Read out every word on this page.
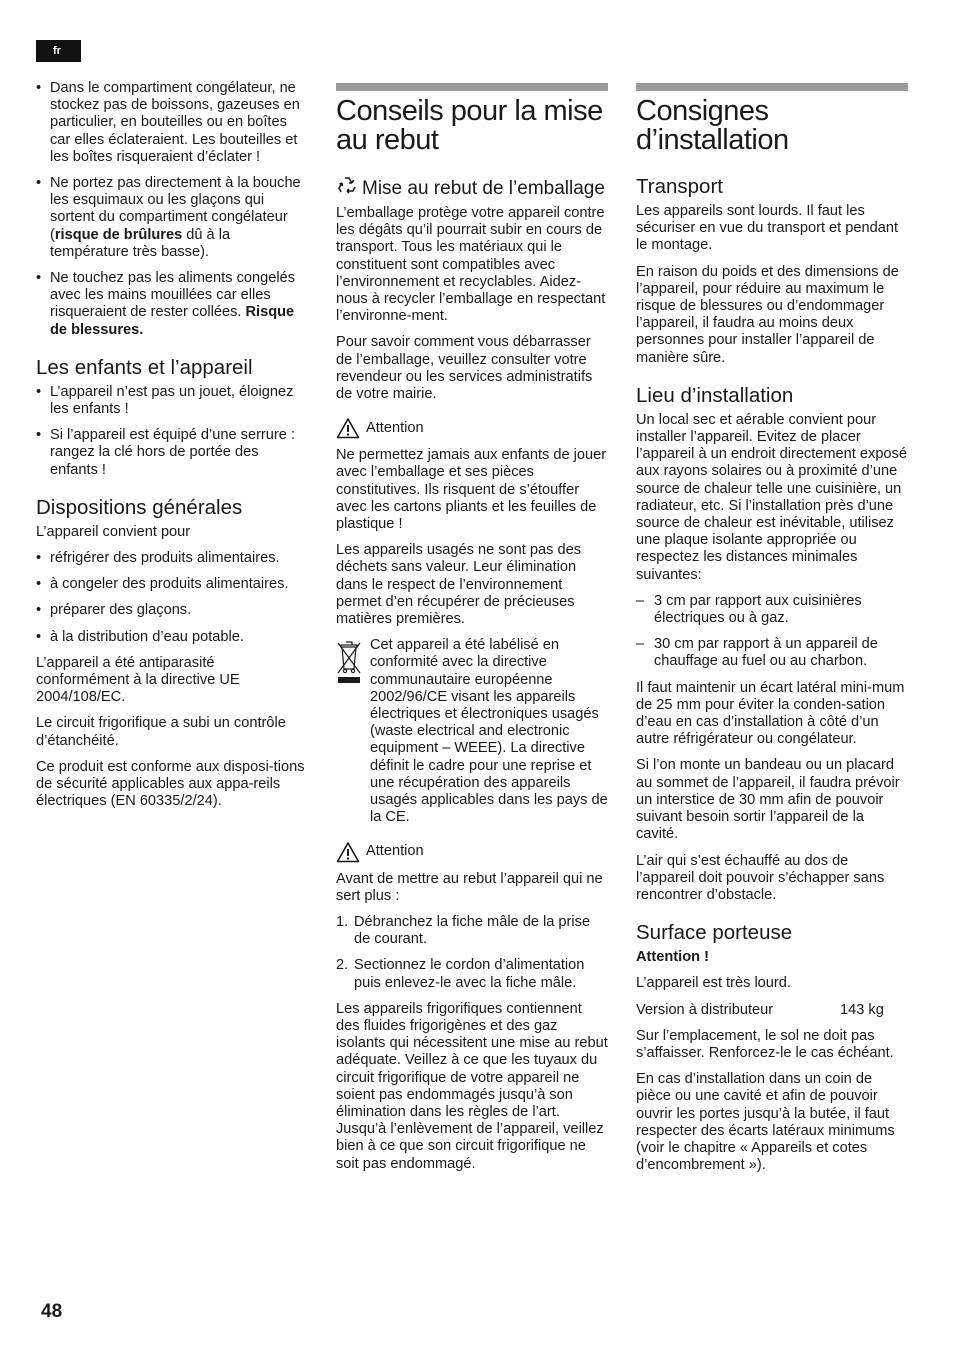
fr
• Dans le compartiment congélateur, ne stockez pas de boissons, gazeuses en particulier, en bouteilles ou en boîtes car elles éclateraient. Les bouteilles et les boîtes risqueraient d’éclater !
• Ne portez pas directement à la bouche les esquimaux ou les glaçons qui sortent du compartiment congélateur (risque de brûlures dû à la température très basse).
• Ne touchez pas les aliments congelés avec les mains mouillées car elles risqueraient de rester collées. Risque de blessures.
Les enfants et l’appareil
• L’appareil n’est pas un jouet, éloignez les enfants !
• Si l’appareil est équipé d’une serrure : rangez la clé hors de portée des enfants !
Dispositions générales

L’appareil convient pour

• réfrigérer des produits alimentaires.
• à congeler des produits alimentaires.
• préparer des glaçons.
• à la distribution d’eau potable.

L’appareil a été antiparasité conformément à la directive UE 2004/108/EC.

Le circuit frigorifique a subi un contrôle d’étanchéité.

Ce produit est conforme aux disposi-tions de sécurité applicables aux appa-reils électriques (EN 60335/2/24).

Conseils pour la mise au rebut
Mise au rebut de l’emballage

L’emballage protège votre appareil contre les dégâts qu’il pourrait subir en cours de transport. Tous les matériaux qui le constituent sont compatibles avec l’environnement et recyclables. Aidez-nous à recycler l’emballage en respectant l’environne-ment.

Pour savoir comment vous débarrasser de l’emballage, veuillez consulter votre revendeur ou les services administratifs de votre mairie.

Attention

Ne permettez jamais aux enfants de jouer avec l’emballage et ses pièces constitutives. Ils risquent de s’étouffer avec les cartons pliants et les feuilles de plastique !

Les appareils usagés ne sont pas des déchets sans valeur. Leur élimination dans le respect de l’environnement permet d’en récupérer de précieuses matières premières.

Cet appareil a été labélisé en conformité avec la directive communautaire européenne 2002/96/CE visant les appareils électriques et électroniques usagés (waste electrical and electronic equipment – WEEE). La directive définit le cadre pour une reprise et une récupération des appareils usagés applicables dans les pays de la CE.
Attention

Avant de mettre au rebut l’appareil qui ne sert plus :

1. Débranchez la fiche mâle de la prise de courant.
2. Sectionnez le cordon d’alimentation puis enlevez-le avec la fiche mâle.

Les appareils frigorifiques contiennent des fluides frigorigènes et des gaz isolants qui nécessitent une mise au rebut adéquate. Veillez à ce que les tuyaux du circuit frigorifique de votre appareil ne soient pas endommagés jusqu’à son élimination dans les règles de l’art. Jusqu’à l’enlèvement de l’appareil, veillez bien à ce que son circuit frigorifique ne soit pas endommagé.

Consignes d’installation
Transport

Les appareils sont lourds. Il faut les sécuriser en vue du transport et pendant le montage.

En raison du poids et des dimensions de l’appareil, pour réduire au maximum le risque de blessures ou d’endommager l’appareil, il faudra au moins deux personnes pour installer l’appareil de manière sûre.

Lieu d’installation

Un local sec et aérable convient pour installer l’appareil. Evitez de placer l’appareil à un endroit directement exposé aux rayons solaires ou à proximité d’une source de chaleur telle une cuisinière, un radiateur, etc. Si l’installation près d’une source de chaleur est inévitable, utilisez une plaque isolante appropriée ou respectez les distances minimales suivantes:

– 3 cm par rapport aux cuisinières électriques ou à gaz.
– 30 cm par rapport à un appareil de chauffage au fuel ou au charbon.

Il faut maintenir un écart latéral mini-mum de 25 mm pour éviter la conden-sation d’eau en cas d’installation à côté d’un autre réfrigérateur ou congélateur.

Si l’on monte un bandeau ou un placard au sommet de l’appareil, il faudra prévoir un interstice de 30 mm afin de pouvoir suivant besoin sortir l’appareil de la cavité.

L’air qui s’est échauffé au dos de l’appareil doit pouvoir s’échapper sans rencontrer d’obstacle.

Surface porteuse

Attention !

L’appareil est très lourd.

Version à distributeur	143 kg

Sur l’emplacement, le sol ne doit pas s’affaisser. Renforcez-le le cas échéant.

En cas d’installation dans un coin de pièce ou une cavité et afin de pouvoir ouvrir les portes jusqu’à la butée, il faut respecter des écarts latéraux minimums (voir le chapitre « Appareils et cotes d’encombrement »).

48
